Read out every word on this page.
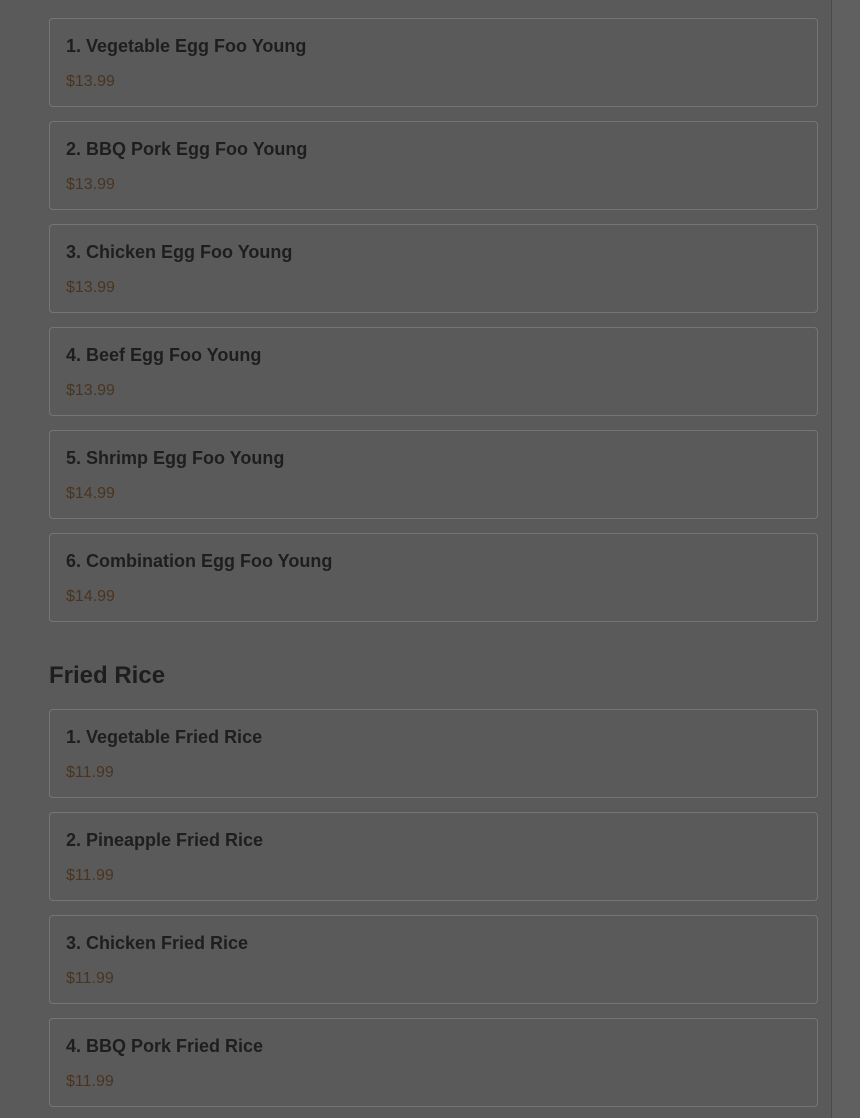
1. Vegetable Egg Foo Young
$13.99
2. BBQ Pork Egg Foo Young
$13.99
3. Chicken Egg Foo Young
$13.99
4. Beef Egg Foo Young
$13.99
5. Shrimp Egg Foo Young
$14.99
6. Combination Egg Foo Young
$14.99
Fried Rice
1. Vegetable Fried Rice
$11.99
2. Pineapple Fried Rice
$11.99
3. Chicken Fried Rice
$11.99
4. BBQ Pork Fried Rice
$11.99
